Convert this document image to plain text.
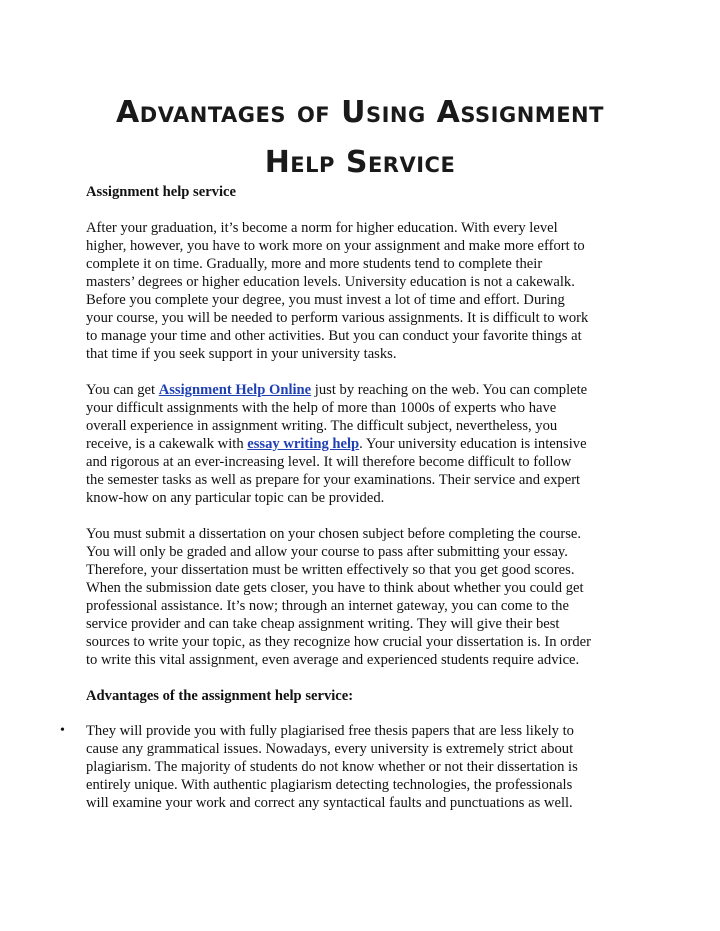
Advantages of Using Assignment
Help Service
Assignment help service
After your graduation, it’s become a norm for higher education. With every level
higher, however, you have to work more on your assignment and make more effort to
complete it on time. Gradually, more and more students tend to complete their
masters’ degrees or higher education levels. University education is not a cakewalk.
Before you complete your degree, you must invest a lot of time and effort. During
your course, you will be needed to perform various assignments. It is difficult to work
to manage your time and other activities. But you can conduct your favorite things at
that time if you seek support in your university tasks.
You can get Assignment Help Online just by reaching on the web. You can complete
your difficult assignments with the help of more than 1000s of experts who have
overall experience in assignment writing. The difficult subject, nevertheless, you
receive, is a cakewalk with essay writing help. Your university education is intensive
and rigorous at an ever-increasing level. It will therefore become difficult to follow
the semester tasks as well as prepare for your examinations. Their service and expert
know-how on any particular topic can be provided.
You must submit a dissertation on your chosen subject before completing the course.
You will only be graded and allow your course to pass after submitting your essay.
Therefore, your dissertation must be written effectively so that you get good scores.
When the submission date gets closer, you have to think about whether you could get
professional assistance. It’s now; through an internet gateway, you can come to the
service provider and can take cheap assignment writing. They will give their best
sources to write your topic, as they recognize how crucial your dissertation is. In order
to write this vital assignment, even average and experienced students require advice.
Advantages of the assignment help service:
• They will provide you with fully plagiarised free thesis papers that are less likely to
cause any grammatical issues. Nowadays, every university is extremely strict about
plagiarism. The majority of students do not know whether or not their dissertation is
entirely unique. With authentic plagiarism detecting technologies, the professionals
will examine your work and correct any syntactical faults and punctuations as well.
